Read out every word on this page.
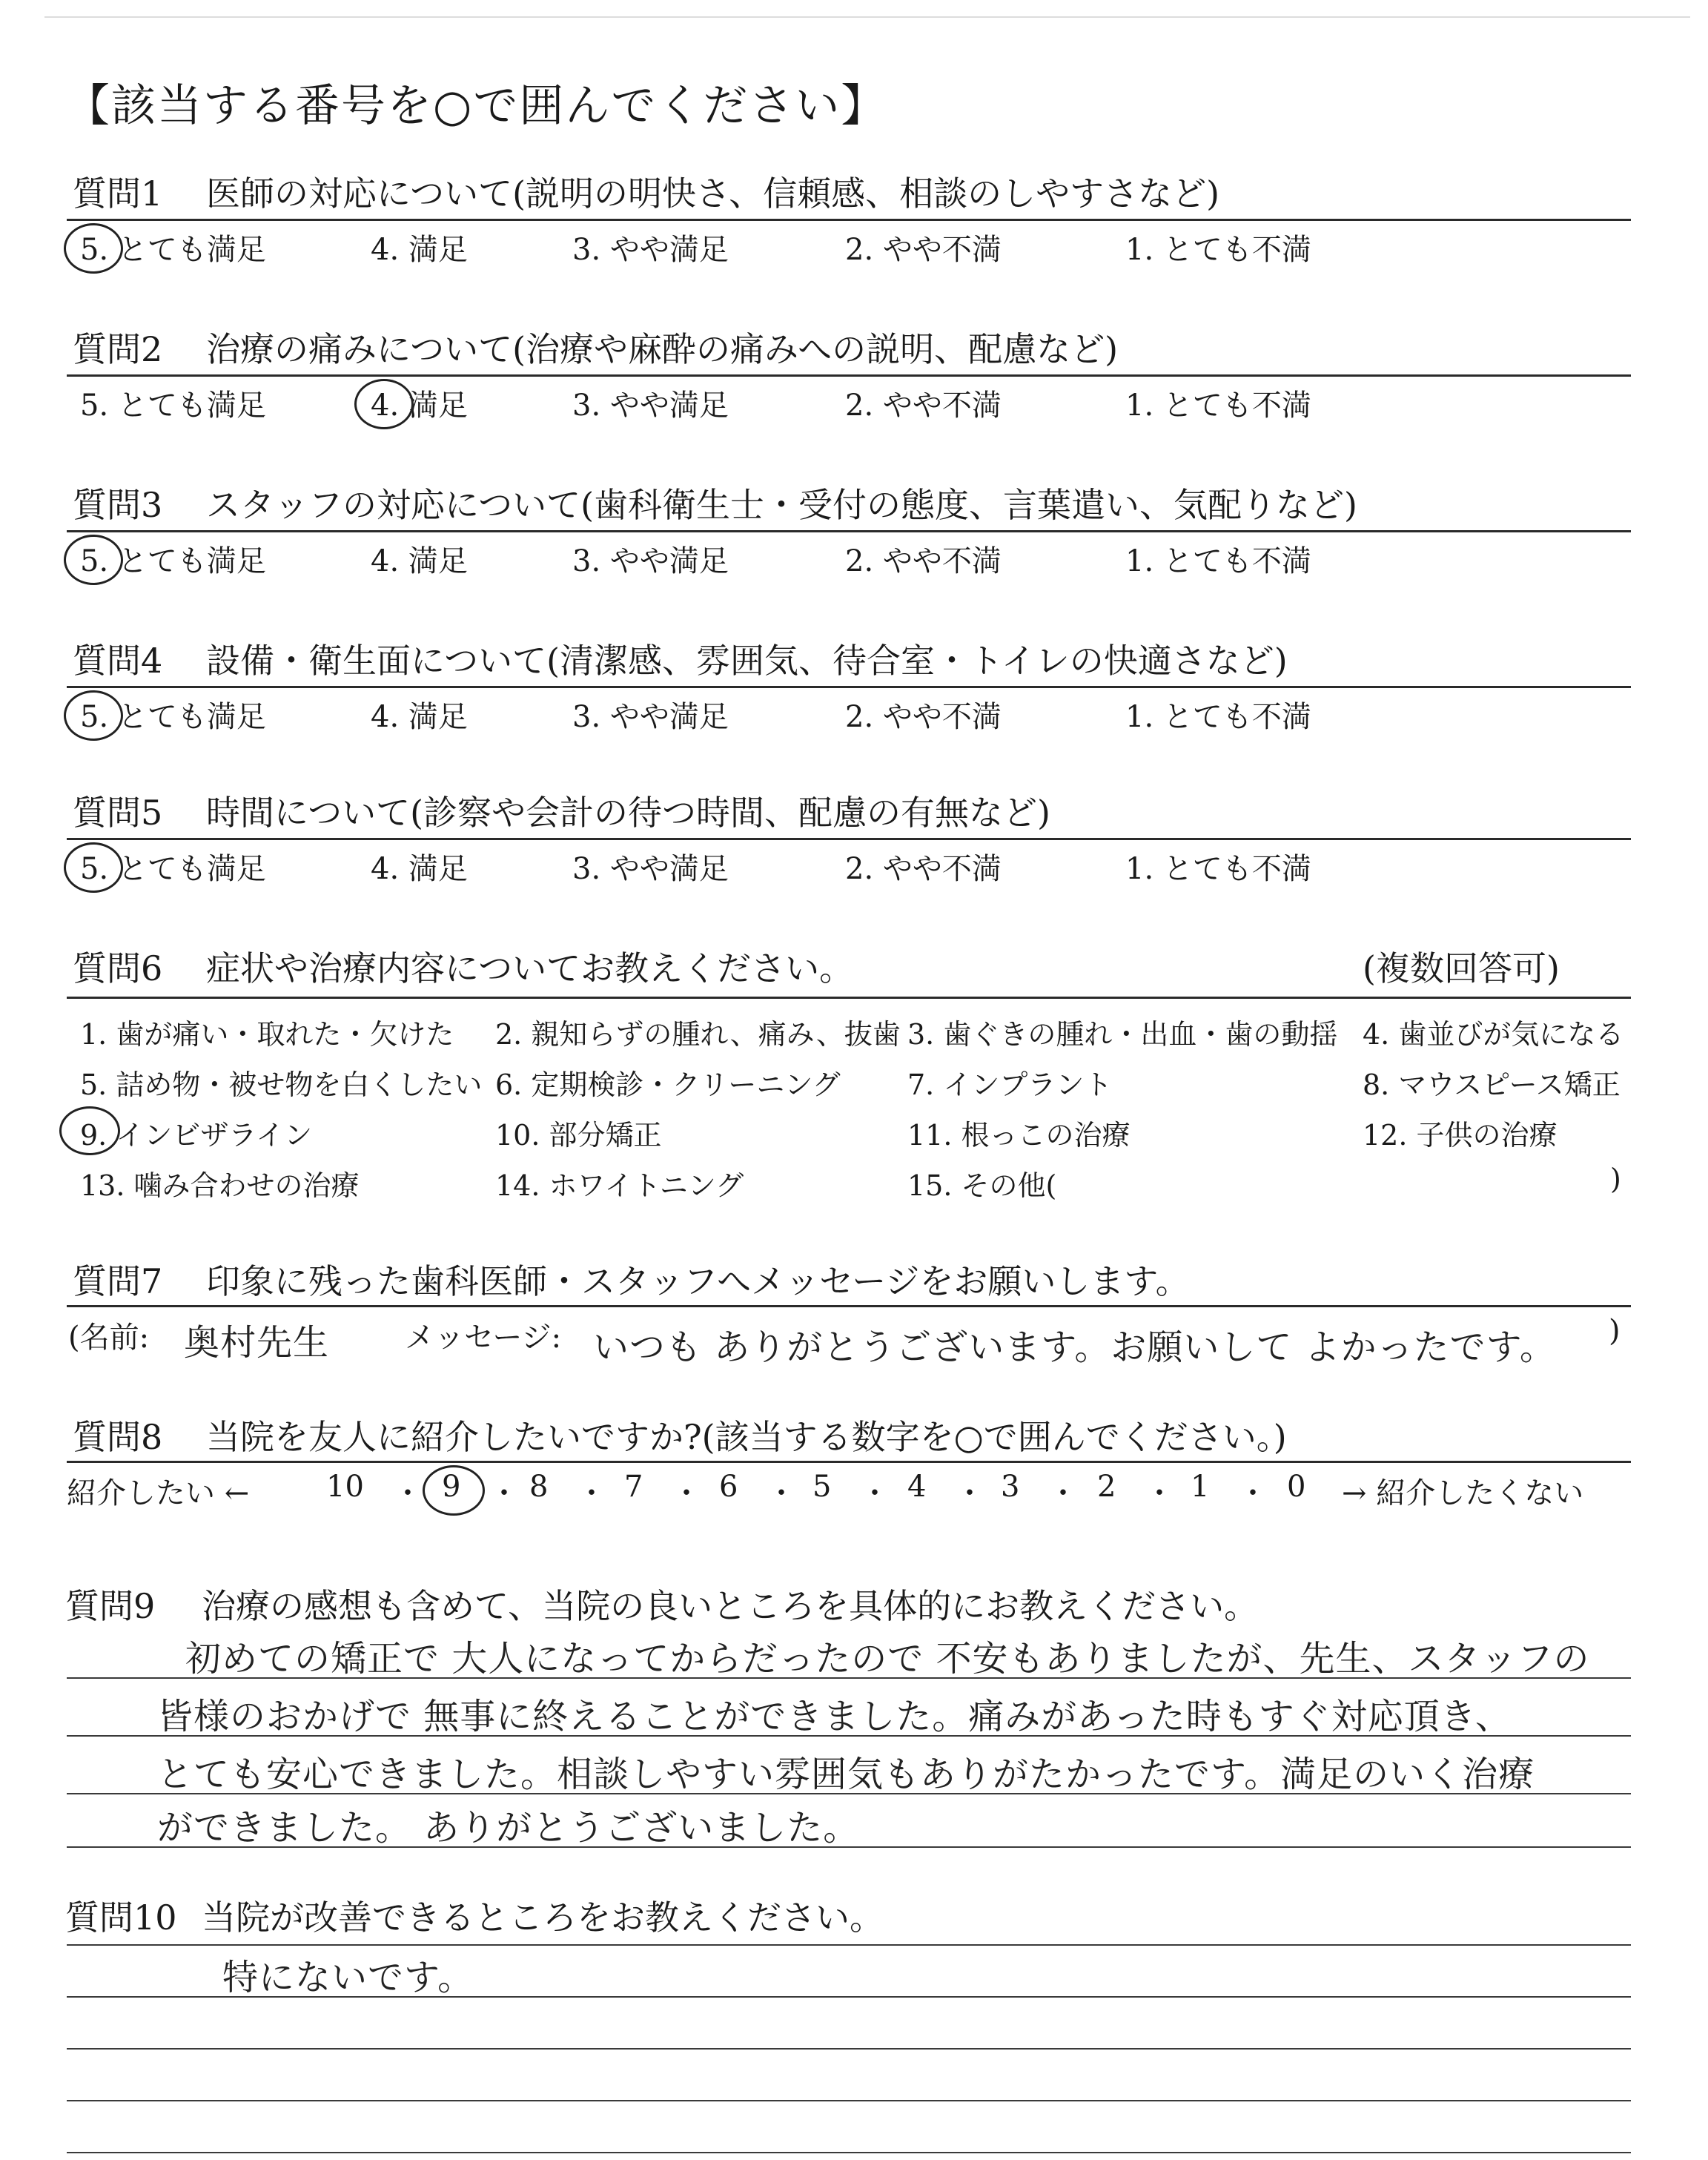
【該当する番号を○で囲んでください】
質問6 症状や治療内容についてお教えください。	(複数回答可)
質問7 印象に残った歯科医師・スタッフへメッセージをお願いします。
(名前: 奥村先生	メッセージ: いつも ありがとうございます。お願いして よかったです。 )
質問8 当院を友人に紹介したいですか?(該当する数字を○で囲んでください。)
紹介したい ←	→ 紹介したくない
質問9 治療の感想も含めて、当院の良いところを具体的にお教えください。
質問10 当院が改善できるところをお教えください。
質問1 医師の対応について(説明の明快さ、信頼感、相談のしやすさなど)
5. とても満足	4. 満足	3. やや満足	2. やや不満	1. とても不満
質問2 治療の痛みについて(治療や麻酔の痛みへの説明、配慮など)
5. とても満足	4. 満足	3. やや満足	2. やや不満	1. とても不満
質問3 スタッフの対応について(歯科衛生士・受付の態度、言葉遣い、気配りなど)
5. とても満足	4. 満足	3. やや満足	2. やや不満	1. とても不満
質問4 設備・衛生面について(清潔感、雰囲気、待合室・トイレの快適さなど)
5. とても満足	4. 満足	3. やや満足	2. やや不満	1. とても不満
質問5 時間について(診察や会計の待つ時間、配慮の有無など)
5. とても満足	4. 満足	3. やや満足	2. やや不満	1. とても不満
1. 歯が痛い・取れた・欠けた 2. 親知らずの腫れ、痛み、抜歯 3. 歯ぐきの腫れ・出血・歯の動揺 4. 歯並びが気になる
5. 詰め物・被せ物を白くしたい 6. 定期検診・クリーニング 7. インプラント	8. マウスピース矯正
9. インビザライン	10. 部分矯正	11. 根っこの治療	12. 子供の治療
13. 噛み合わせの治療	14. ホワイトニング	15. その他(	)
10 ・ 9 ・ 8 ・ 7 ・ 6 ・ 5 ・ 4 ・ 3 ・ 2 ・ 1 ・ 0
初めての矯正で 大人になってからだったので 不安もありましたが、先生、スタッフの
皆様のおかげで 無事に終えることができました。痛みがあった時もすぐ対応頂き、
とても安心できました。相談しやすい雰囲気もありがたかったです。満足のいく治療
ができました。 ありがとうございました。
特にないです。
